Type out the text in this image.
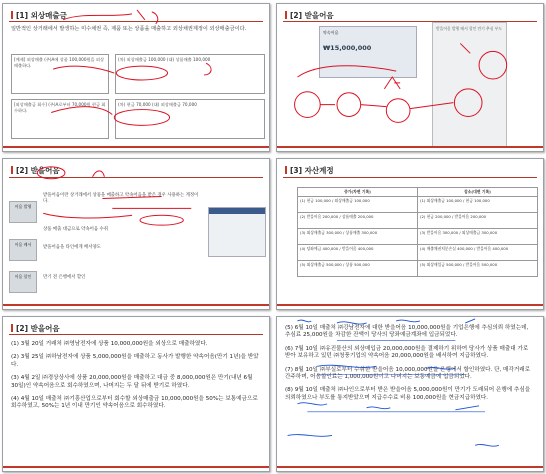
[1] 외상매출금
일반적인 상거래에서 발생하는 미수채권 즉, 제품 또는 상품을 매출하고 외상채권계정이 외상매출금이다.
[예제] 외상매출 (주)A에 상품 100,000원을 외상매출하다.
[외상매출금 회수] (주)A로부터 70,000원 현금 회수하다.
(차) 외상매출금 100,000 (대) 상품매출 100,000
(차) 현금 70,000 (대) 외상매출금 70,000
[2] 받을어음
약속어음
₩15,000,000
받을어음 발행 배서 할인 만기 추심 부도
[2] 받을어음
받을어음이란 상거래에서 상품을 매출하고 약속어음을 받은 경우 사용하는 계정이다.
어음 발행
어음 배서
어음 할인
상품 매출 대금으로 약속어음 수취
받을어음을 타인에게 배서양도
만기 전 은행에서 할인
[3] 자산계정
증가(차변 기록)	감소(대변 기록)
(1) 현금 100,000 / 외상매출금 100,000	(1) 외상매출금 100,000 / 현금 100,000
(2) 받을어음 200,000 / 상품매출 200,000	(2) 현금 200,000 / 받을어음 200,000
(3) 외상매출금 300,000 / 상품매출 300,000	(3) 받을어음 300,000 / 외상매출금 300,000
(4) 당좌예금 400,000 / 받을어음 400,000	(4) 매출채권처분손실 400,000 / 받을어음 400,000
(5) 외상매출금 500,000 / 상품 500,000	(5) 외상매입금 500,000 / 받을어음 500,000
[2] 받을어음
(1) 3월 20일 거래처 ㈜영남전자에 상품 10,000,000원을 외상으로 매출하였다.
(2) 3월 25일 ㈜하남전자에 상품 5,000,000원을 매출하고 동사가 발행한 약속어음(만기 1년)을 받았다.
(3) 4월 2일 ㈜경상상사에 상품 20,000,000원을 매출하고 대금 중 8,000,000원은 만기(내년 6월 30일)인 약속어음으로 회수하였으며, 나머지는 두 달 뒤에 받기로 하였다.
(4) 4월 10일 매출처 ㈜기흥산업으로부터 회수할 외상매출금 10,000,000원을 50%는 보통예금으로 회수하였고, 50%는 1년 이내 만기인 약속어음으로 회수하였다.
(5) 6월 10일 매출처 ㈜강남전자에 대한 받을어음 10,000,000원을 기업은행에 추심의뢰 하였는데, 추심료 25,000원을 차감한 잔액이 당사의 당좌예금계좌에 입금되었다.
(6) 7월 10일 ㈜유진물산의 외상매입금 20,000,000원을 결제하기 위하여 당사가 상품 매출대 가로 받아 보유하고 있던 ㈜청풍기업의 약속어음 20,000,000원을 배서하여 지급하였다.
(7) 8월 10일 ㈜부실로부터 수취한 받을어음 10,000,000원을 은행에서 할인하였다. 단, 매각거래로 간주하며, 어음할인료는 1,000,000원이고 나머지는 보통예금에 입금되었다.
(8) 9월 10일 매출처 ㈜나인으로부터 받은 받을어음 5,000,000원이 만기가 도래되어 은행에 추심을 의뢰하였으나 부도를 통지받았으며 지급수수료 비용 100,000원을 현금지급하였다.
